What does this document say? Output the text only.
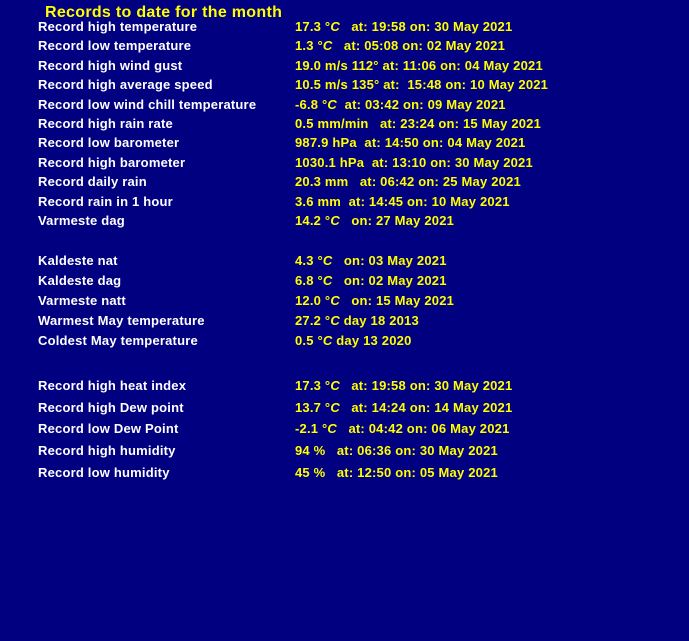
Records to date for the month
Record high temperature	17.3 °C   at: 19:58 on: 30 May 2021
Record low temperature	1.3 °C   at: 05:08 on: 02 May 2021
Record high wind gust	19.0 m/s 112° at: 11:06 on: 04 May 2021
Record high average speed	10.5 m/s 135° at:  15:48 on: 10 May 2021
Record low wind chill temperature	-6.8 °C  at: 03:42 on: 09 May 2021
Record high rain rate	0.5 mm/min   at: 23:24 on: 15 May 2021
Record low barometer	987.9 hPa  at: 14:50 on: 04 May 2021
Record high barometer	1030.1 hPa  at: 13:10 on: 30 May 2021
Record daily rain	20.3 mm   at: 06:42 on: 25 May 2021
Record rain in 1 hour	3.6 mm  at: 14:45 on: 10 May 2021
Varmeste dag	14.2 °C   on: 27 May 2021
Kaldeste nat	4.3 °C   on: 03 May 2021
Kaldeste dag	6.8 °C   on: 02 May 2021
Varmeste natt	12.0 °C   on: 15 May 2021
Warmest May temperature	27.2 °C day 18 2013
Coldest May temperature	0.5 °C day 13 2020
Record high heat index	17.3 °C   at: 19:58 on: 30 May 2021
Record high Dew point	13.7 °C   at: 14:24 on: 14 May 2021
Record low Dew Point	-2.1 °C   at: 04:42 on: 06 May 2021
Record high humidity	94 %   at: 06:36 on: 30 May 2021
Record low humidity	45 %   at: 12:50 on: 05 May 2021
